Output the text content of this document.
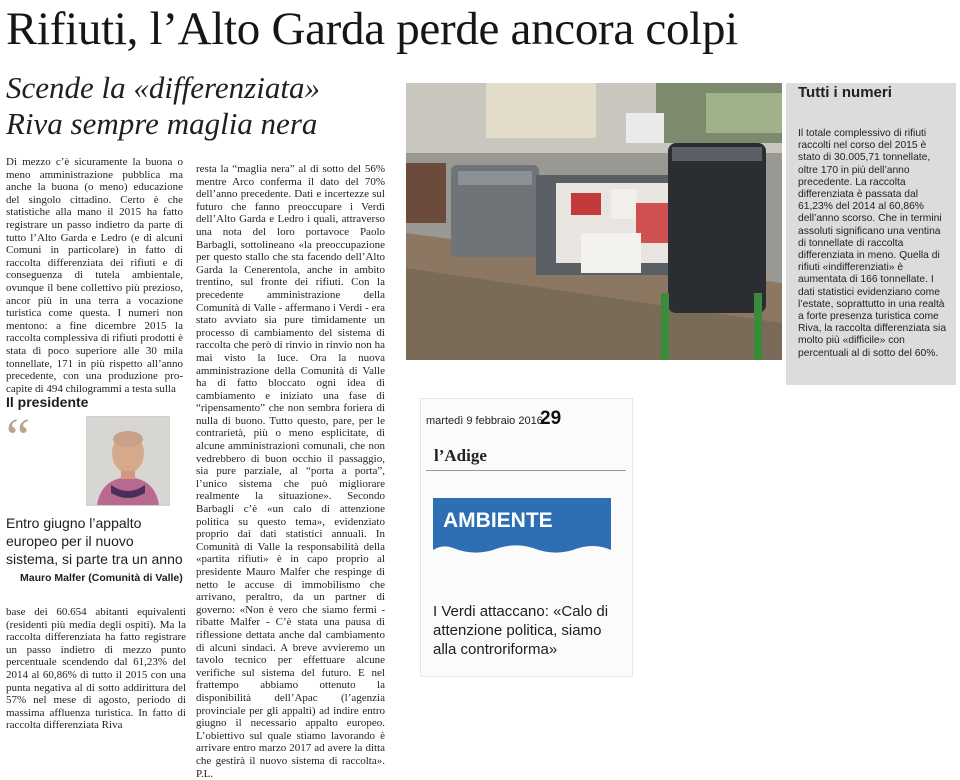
Rifiuti, l’Alto Garda perde ancora colpi
Scende la «differenziata»
Riva sempre maglia nera
Di mezzo c’è sicuramente la buona o meno amministrazione pubblica ma anche la buona (o meno) educazione del singolo cittadino. Certo è che statistiche alla mano il 2015 ha fatto registrare un passo indietro da parte di tutto l’Alto Garda e Ledro (e di alcuni Comuni in particolare) in fatto di raccolta differenziata dei rifiuti e di conseguenza di tutela ambientale, ovunque il bene collettivo più prezioso, ancor più in una terra a vocazione turistica come questa. I numeri non mentono: a fine dicembre 2015 la raccolta complessiva di rifiuti prodotti è stata di poco superiore alle 30 mila tonnellate, 171 in più rispetto all’anno precedente, con una produzione pro-capite di 494 chilogrammi a testa sulla
Il presidente
“
Entro giugno l’appalto europeo per il nuovo sistema, si parte tra un anno
Mauro Malfer (Comunità di Valle)
base dei 60.654 abitanti equivalenti (residenti più media degli ospiti). Ma la raccolta differenziata ha fatto registrare un passo indietro di mezzo punto percentuale scendendo dal 61,23% del 2014 al 60,86% di tutto il 2015 con una punta negativa al di sotto addirittura del 57% nel mese di agosto, periodo di massima affluenza turistica. In fatto di raccolta differenziata Riva
resta la “maglia nera” al di sotto del 56% mentre Arco conferma il dato del 70% dell’anno precedente. Dati e incertezze sul futuro che fanno preoccupare i Verdi dell’Alto Garda e Ledro i quali, attraverso una nota del loro portavoce Paolo Barbagli, sottolineano «la preoccupazione per questo stallo che sta facendo dell’Alto Garda la Cenerentola, anche in ambito trentino, sul fronte dei rifiuti. Con la precedente amministrazione della Comunità di Valle - affermano i Verdi - era stato avviato sia pure timidamente un processo di cambiamento del sistema di raccolta che però di rinvio in rinvio non ha mai visto la luce. Ora la nuova amministrazione della Comunità di Valle ha di fatto bloccato ogni idea di cambiamento e iniziato una fase di “ripensamento” che non sembra foriera di nulla di buono. Tutto questo, pare, per le contrarietà, più o meno esplicitate, di alcune amministrazioni comunali, che non vedrebbero di buon occhio il passaggio, sia pure parziale, al “porta a porta”, l’unico sistema che può migliorare realmente la situazione». Secondo Barbagli c’è «un calo di attenzione politica su questo tema», evidenziato proprio dai dati statistici annuali. In Comunità di Valle la responsabilità della «partita rifiuti» è in capo proprio al presidente Mauro Malfer che respinge di netto le accuse di immobilismo che arrivano, peraltro, da un partner di governo: «Non è vero che siamo fermi - ribatte Malfer - C’è stata una pausa di riflessione dettata anche dal cambiamento di alcuni sindaci. A breve avvieremo un tavolo tecnico per effettuare alcune verifiche sul sistema del futuro. E nel frattempo abbiamo ottenuto la disponibilità dell’Apac (l’agenzia provinciale per gli appalti) ad indire entro giugno il necessario appalto europeo. L’obiettivo sul quale stiamo lavorando è arrivare entro marzo 2017 ad avere la ditta che gestirà il nuovo sistema di raccolta». P.L.
Tutti i numeri
Il totale complessivo di rifiuti raccolti nel corso del 2015 è stato di 30.005,71 tonnellate, oltre 170 in più dell’anno precedente. La raccolta differenziata è passata dal 61,23% del 2014 al 60,86% dell’anno scorso. Che in termini assoluti significano una ventina di tonnellate di raccolta differenziata in meno. Quella di rifiuti «indifferenziati» è aumentata di 166 tonnellate. I dati statistici evidenziano come l’estate, soprattutto in una realtà a forte presenza turistica come Riva, la raccolta differenziata sia molto più «difficile» con percentuali al di sotto del 60%.
martedì 9 febbraio 2016
29
l’Adige
AMBIENTE
I Verdi attaccano: «Calo di attenzione politica, siamo alla controriforma»
